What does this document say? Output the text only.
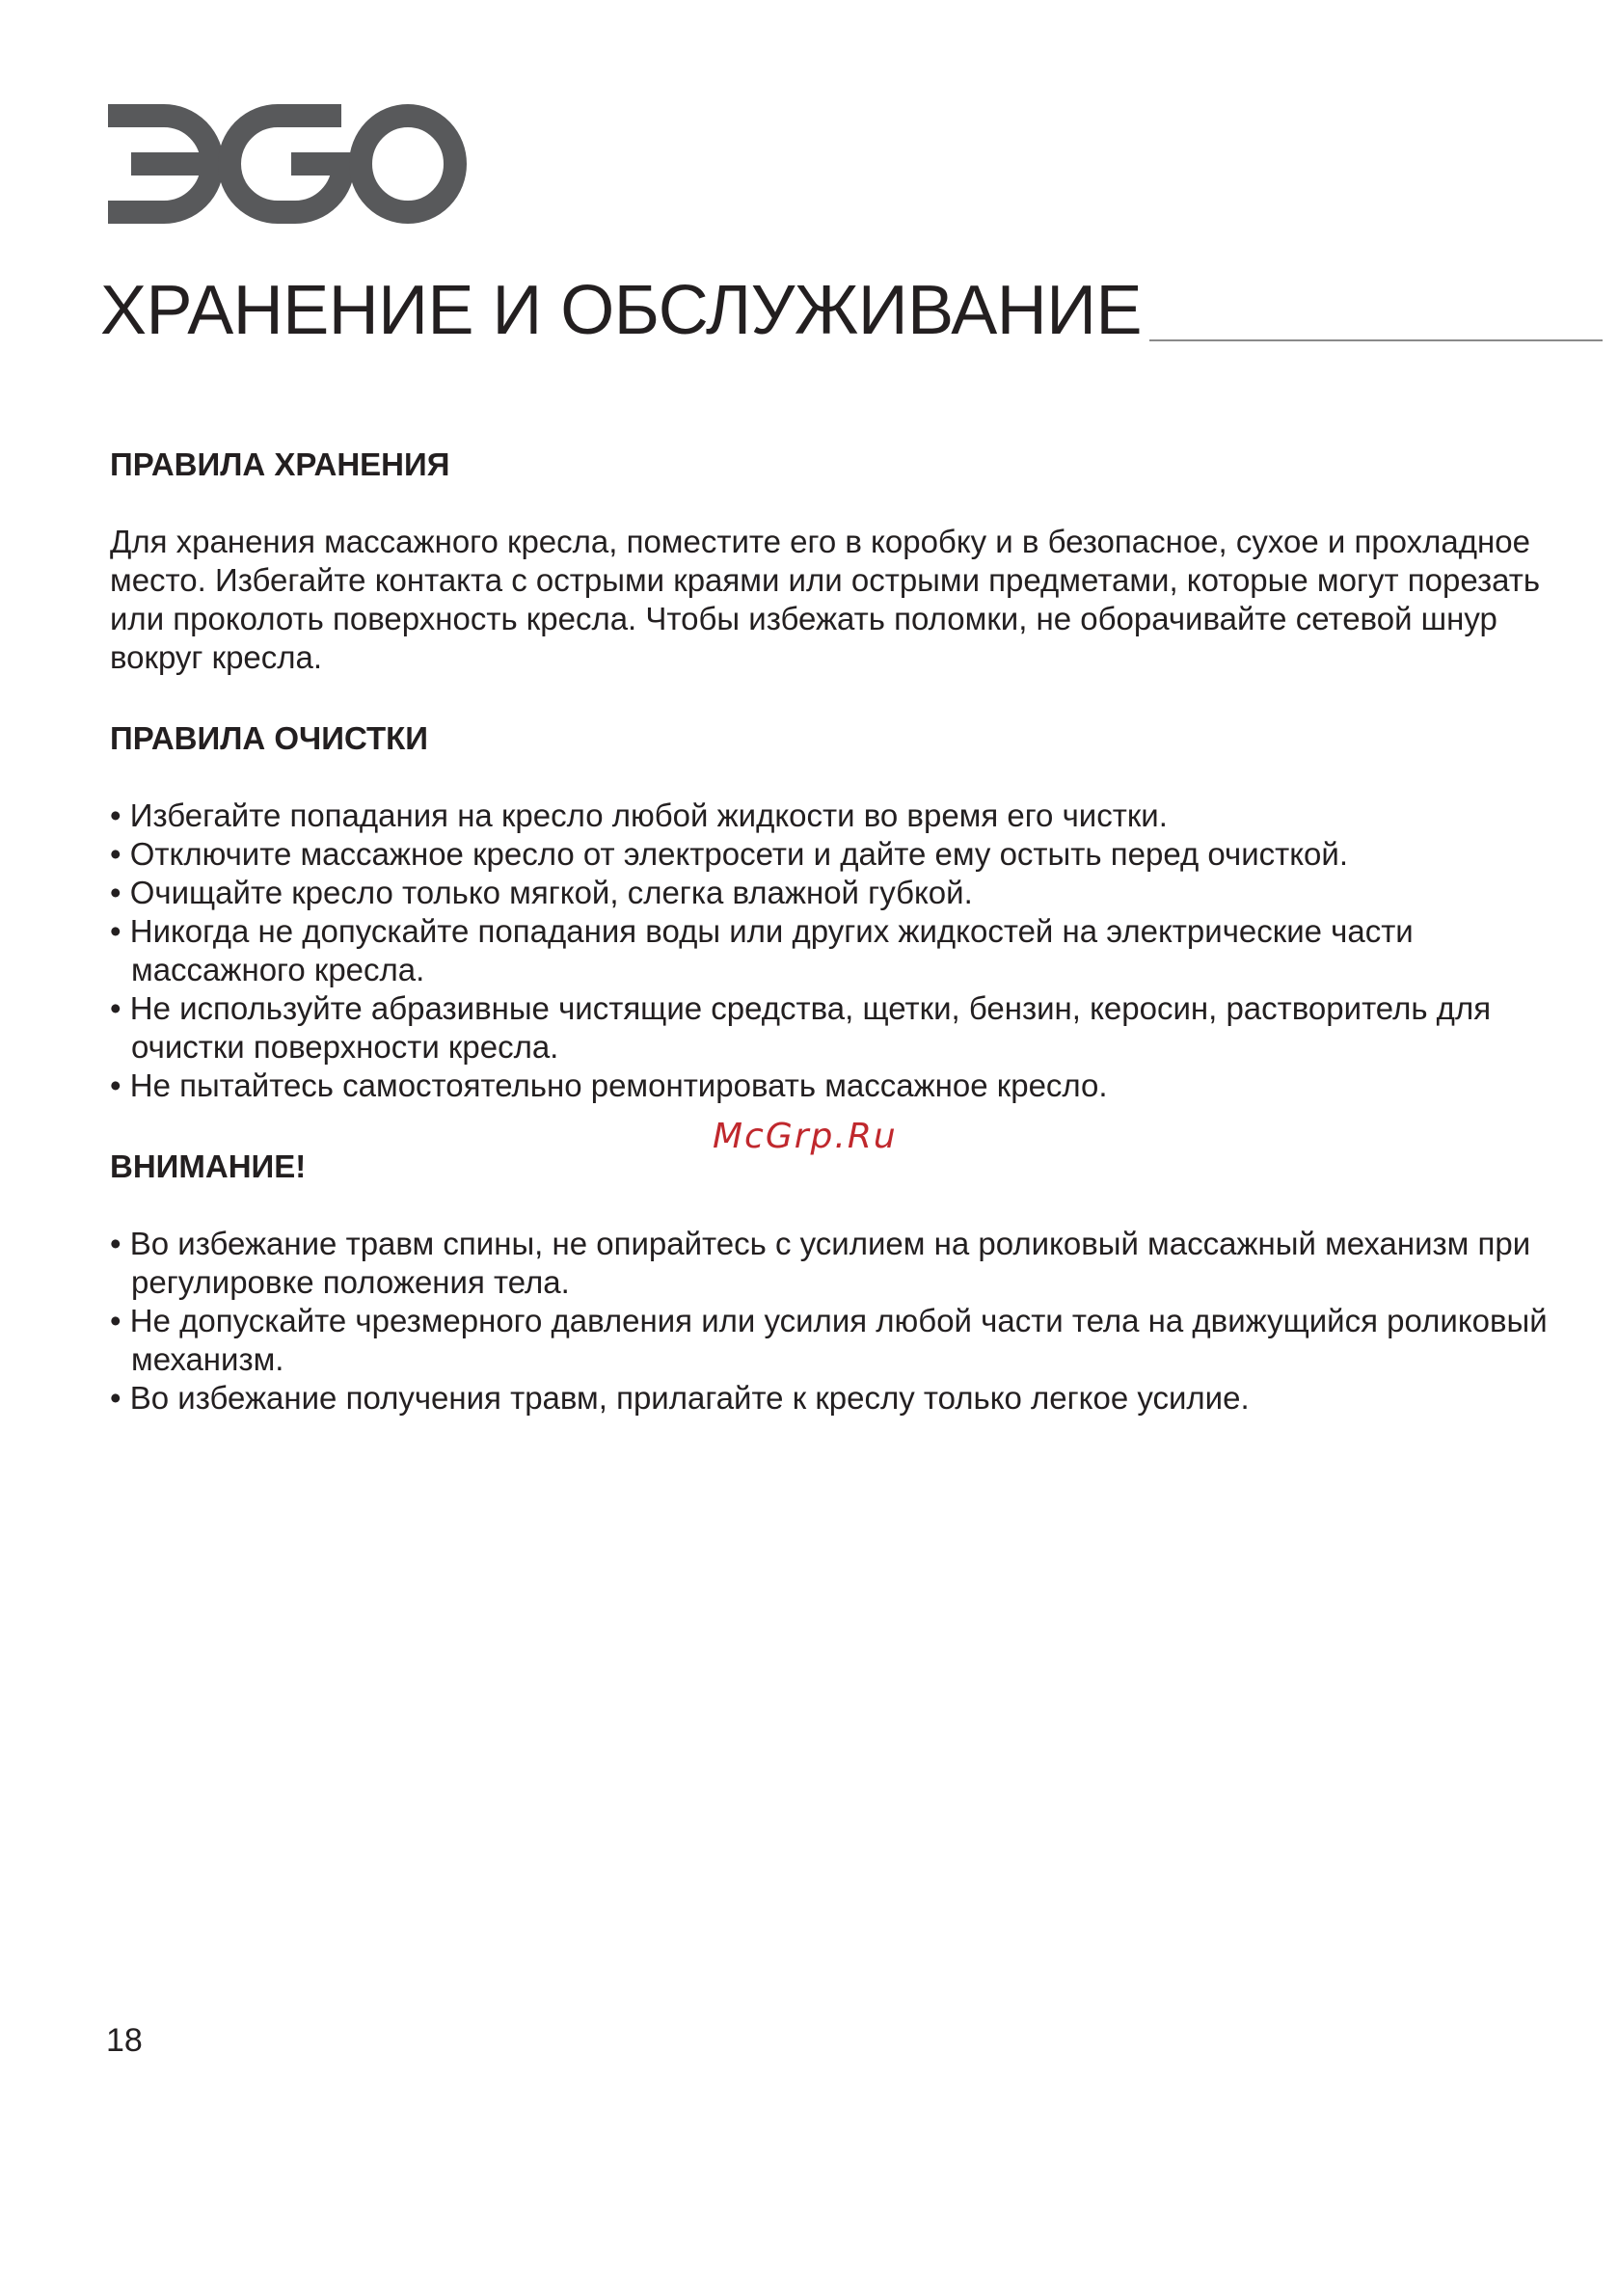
ХРАНЕНИЕ И ОБСЛУЖИВАНИЕ
ПРАВИЛА ХРАНЕНИЯ

Для хранения массажного кресла, поместите его в коробку и в безопасное, сухое и прохладное место. Избегайте контакта с острыми краями или острыми предметами, которые могут порезать или проколоть поверхность кресла. Чтобы избежать поломки, не оборачивайте сетевой шнур вокруг кресла.

ПРАВИЛА ОЧИСТКИ
• Избегайте попадания на кресло любой жидкости во время его чистки.
• Отключите массажное кресло от электросети и дайте ему остыть перед очисткой.
• Очищайте кресло только мягкой, слегка влажной губкой.
• Никогда не допускайте попадания воды или других жидкостей на электрические части массажного кресла.
• Не используйте абразивные чистящие средства, щетки, бензин, керосин, растворитель для очистки поверхности кресла.
• Не пытайтесь самостоятельно ремонтировать массажное кресло.
ВНИМАНИЕ!
• Во избежание травм спины, не опирайтесь с усилием на роликовый массажный механизм при регулировке положения тела.
• Не допускайте чрезмерного давления или усилия любой части тела на движущийся роликовый механизм.
• Во избежание получения травм, прилагайте к креслу только легкое усилие.
McGrp.Ru
18
